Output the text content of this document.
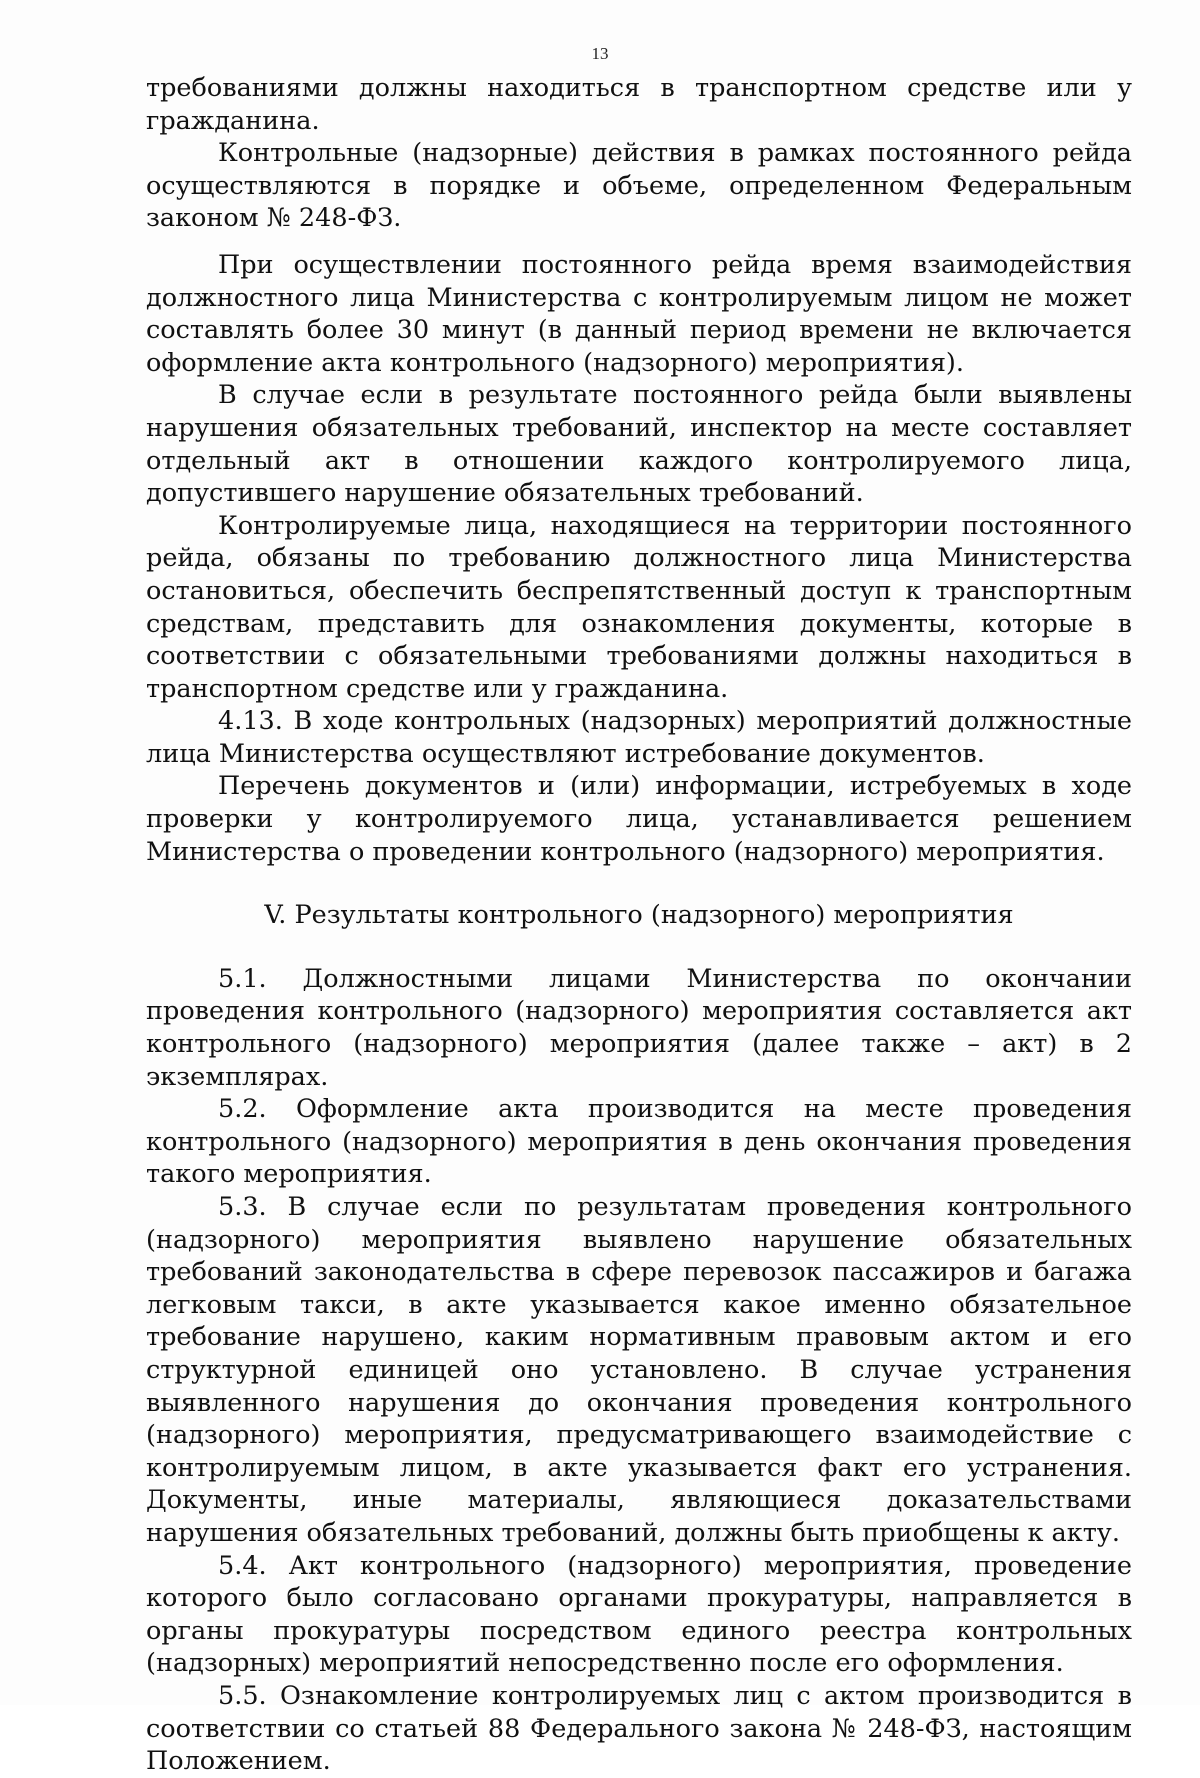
13

требованиями должны находиться в транспортном средстве или у гражданина.

Контрольные (надзорные) действия в рамках постоянного рейда осуществляются в порядке и объеме, определенном Федеральным законом № 248-ФЗ.

При осуществлении постоянного рейда время взаимодействия должностного лица Министерства с контролируемым лицом не может составлять более 30 минут (в данный период времени не включается оформление акта контрольного (надзорного) мероприятия).

В случае если в результате постоянного рейда были выявлены нарушения обязательных требований, инспектор на месте составляет отдельный акт в отношении каждого контролируемого лица, допустившего нарушение обязательных требований.

Контролируемые лица, находящиеся на территории постоянного рейда, обязаны по требованию должностного лица Министерства остановиться, обеспечить беспрепятственный доступ к транспортным средствам, представить для ознакомления документы, которые в соответствии с обязательными требованиями должны находиться в транспортном средстве или у гражданина.

4.13. В ходе контрольных (надзорных) мероприятий должностные лица Министерства осуществляют истребование документов.

Перечень документов и (или) информации, истребуемых в ходе проверки у контролируемого лица, устанавливается решением Министерства о проведении контрольного (надзорного) мероприятия.

V. Результаты контрольного (надзорного) мероприятия

5.1. Должностными лицами Министерства по окончании проведения контрольного (надзорного) мероприятия составляется акт контрольного (надзорного) мероприятия (далее также – акт) в 2 экземплярах.

5.2. Оформление акта производится на месте проведения контрольного (надзорного) мероприятия в день окончания проведения такого мероприятия.

5.3. В случае если по результатам проведения контрольного (надзорного) мероприятия выявлено нарушение обязательных требований законодательства в сфере перевозок пассажиров и багажа легковым такси, в акте указывается какое именно обязательное требование нарушено, каким нормативным правовым актом и его структурной единицей оно установлено. В случае устранения выявленного нарушения до окончания проведения контрольного (надзорного) мероприятия, предусматривающего взаимодействие с контролируемым лицом, в акте указывается факт его устранения. Документы, иные материалы, являющиеся доказательствами нарушения обязательных требований, должны быть приобщены к акту.

5.4. Акт контрольного (надзорного) мероприятия, проведение которого было согласовано органами прокуратуры, направляется в органы прокуратуры посредством единого реестра контрольных (надзорных) мероприятий непосредственно после его оформления.

5.5. Ознакомление контролируемых лиц с актом производится в соответствии со статьей 88 Федерального закона № 248-ФЗ, настоящим Положением.
